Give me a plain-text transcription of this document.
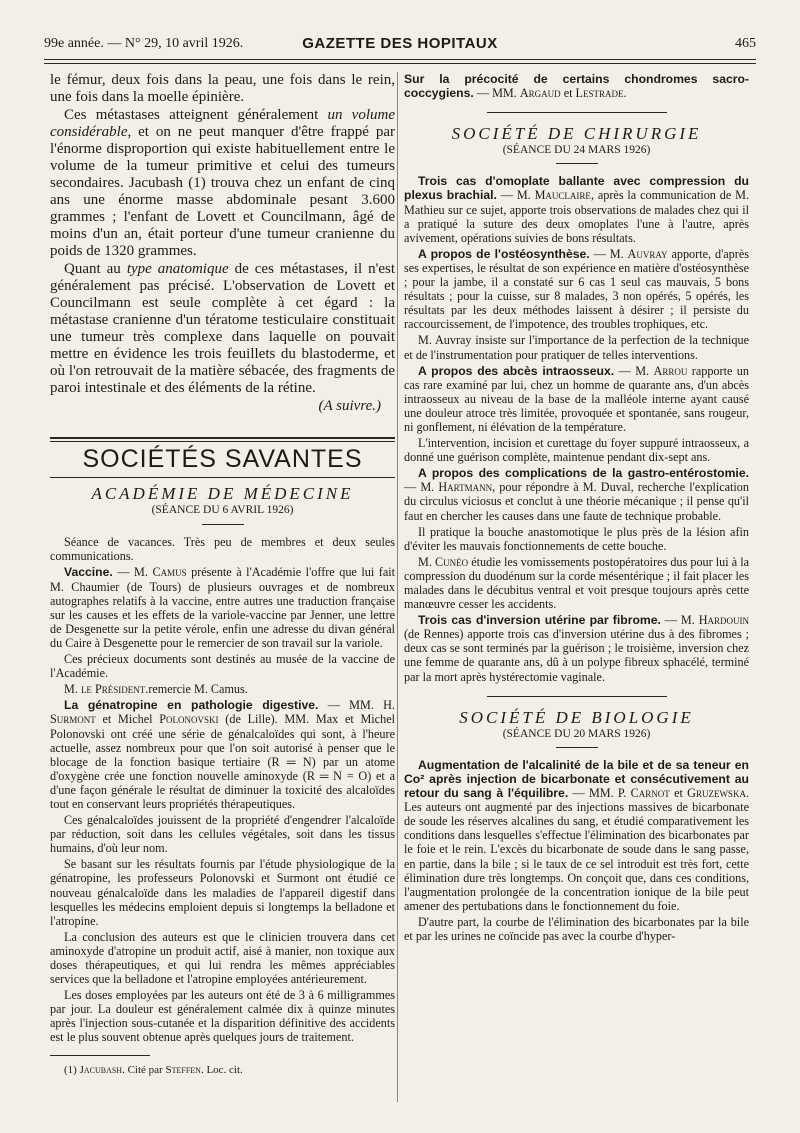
99e année. — N° 29, 10 avril 1926.	GAZETTE DES HOPITAUX	465

le fémur, deux fois dans la peau, une fois dans le rein, une fois dans la moelle épinière.

Ces métastases atteignent généralement un volume considérable, et on ne peut manquer d'être frappé par l'énorme disproportion qui existe habituellement entre le volume de la tumeur primitive et celui des tumeurs secondaires. Jacubash (1) trouva chez un enfant de cinq ans une énorme masse abdominale pesant 3.600 grammes ; l'enfant de Lovett et Councilmann, âgé de moins d'un an, était porteur d'une tumeur cranienne du poids de 1320 grammes.

Quant au type anatomique de ces métastases, il n'est généralement pas précisé. L'observation de Lovett et Councilmann est seule complète à cet égard : la métastase cranienne d'un tératome testiculaire constituait une tumeur très complexe dans laquelle on pouvait mettre en évidence les trois feuillets du blastoderme, et où l'on retrouvait de la matière sébacée, des fragments de paroi intestinale et des éléments de la rétine.

(A suivre.)

SOCIÉTÉS SAVANTES

ACADÉMIE DE MÉDECINE

(SÉANCE DU 6 AVRIL 1926)

Séance de vacances. Très peu de membres et deux seules communications.

Vaccine. — M. Camus présente à l'Académie l'offre que lui fait M. Chaumier (de Tours) de plusieurs ouvrages et de nombreux autographes relatifs à la vaccine, entre autres une traduction française sur les causes et les effets de la variole-vaccine par Jenner, une lettre de Desgenette sur la petite vérole, enfin une adresse du divan général du Caire à Desgenette pour le remercier de son travail sur la variole.

Ces précieux documents sont destinés au musée de la vaccine de l'Académie.

M. le Président.remercie M. Camus.

La génatropine en pathologie digestive. — MM. H. Surmont et Michel Polonovski (de Lille). MM. Max et Michel Polonovski ont créé une série de génalcaloïdes qui sont, à l'heure actuelle, assez nombreux pour que l'on soit autorisé à penser que le blocage de la fonction basique tertiaire (R ═ N) par un atome d'oxygène crée une fonction nouvelle aminoxyde (R ═ N = O) et a d'une façon générale le résultat de diminuer la toxicité des alcaloïdes tout en conservant leurs propriétés thérapeutiques.

Ces génalcaloïdes jouissent de la propriété d'engendrer l'alcaloïde par réduction, soit dans les cellules végétales, soit dans les tissus humains, d'où leur nom.

Se basant sur les résultats fournis par l'étude physiologique de la génatropine, les professeurs Polonovski et Surmont ont étudié ce nouveau génalcaloïde dans les maladies de l'appareil digestif dans lesquelles les médecins emploient depuis si longtemps la belladone et l'atropine.

La conclusion des auteurs est que le clinicien trouvera dans cet aminoxyde d'atropine un produit actif, aisé à manier, non toxique aux doses thérapeutiques, et qui lui rendra les mêmes appréciables services que la belladone et l'atropine employées antérieurement.

Les doses employées par les auteurs ont été de 3 à 6 milligrammes par jour. La douleur est généralement calmée dix à quinze minutes après l'injection sous-cutanée et la disparition définitive des accidents est le plus souvent obtenue après quelques jours de traitement.

(1) Jacubash. Cité par Steffen. Loc. cit.

Sur la précocité de certains chondromes sacro-coccygiens. — MM. Argaud et Lestrade.

SOCIÉTÉ DE CHIRURGIE

(SÉANCE DU 24 MARS 1926)

Trois cas d'omoplate ballante avec compression du plexus brachial. — M. Mauclaire, après la communication de M. Mathieu sur ce sujet, apporte trois observations de malades chez qui il a pratiqué la suture des deux omoplates l'une à l'autre, après avivement, opérations suivies de bons résultats.

A propos de l'ostéosynthèse. — M. Auvray apporte, d'après ses expertises, le résultat de son expérience en matière d'ostéosynthèse ; pour la jambe, il a constaté sur 6 cas 1 seul cas mauvais, 5 bons résultats ; pour la cuisse, sur 8 malades, 3 non opérés, 5 opérés, les résultats par les deux méthodes laissent à désirer ; il persiste du raccourcissement, de l'impotence, des troubles trophiques, etc.

M. Auvray insiste sur l'importance de la perfection de la technique et de l'instrumentation pour pratiquer de telles interventions.

A propos des abcès intraosseux. — M. Arrou rapporte un cas rare examiné par lui, chez un homme de quarante ans, d'un abcès intraosseux au niveau de la base de la malléole interne ayant causé une douleur atroce très limitée, provoquée et spontanée, sans rougeur, ni gonflement, ni élévation de la température.

L'intervention, incision et curettage du foyer suppuré intraosseux, a donné une guérison complète, maintenue pendant dix-sept ans.

A propos des complications de la gastro-entérostomie. — M. Hartmann, pour répondre à M. Duval, recherche l'explication du circulus viciosus et conclut à une théorie mécanique ; il pense qu'il faut en chercher les causes dans une faute de technique probable.

Il pratique la bouche anastomotique le plus près de la lésion afin d'éviter les mauvais fonctionnements de cette bouche.

M. Cunéo étudie les vomissements postopératoires dus pour lui à la compression du duodénum sur la corde mésentérique ; il fait placer les malades dans le décubitus ventral et voit presque toujours après cette manœuvre cesser les accidents.

Trois cas d'inversion utérine par fibrome. — M. Hardouin (de Rennes) apporte trois cas d'inversion utérine dus à des fibromes ; deux cas se sont terminés par la guérison ; le troisième, inversion chez une femme de quarante ans, dû à un polype fibreux sphacélé, terminé par la mort après hystérectomie vaginale.

SOCIÉTÉ DE BIOLOGIE

(SÉANCE DU 20 MARS 1926)

Augmentation de l'alcalinité de la bile et de sa teneur en Co² après injection de bicarbonate et consécutivement au retour du sang à l'équilibre. — MM. P. Carnot et Gruzewska. Les auteurs ont augmenté par des injections massives de bicarbonate de soude les réserves alcalines du sang, et étudié comparativement les conditions dans lesquelles s'effectue l'élimination des bicarbonates par le foie et le rein. L'excès du bicarbonate de soude dans le sang passe, en partie, dans la bile ; si le taux de ce sel introduit est très fort, cette élimination dure très longtemps. On conçoit que, dans ces conditions, l'augmentation prolongée de la concentration ionique de la bile peut amener des pertubations dans le fonctionnement du foie.

D'autre part, la courbe de l'élimination des bicarbonates par la bile et par les urines ne coïncide pas avec la courbe d'hyper-
